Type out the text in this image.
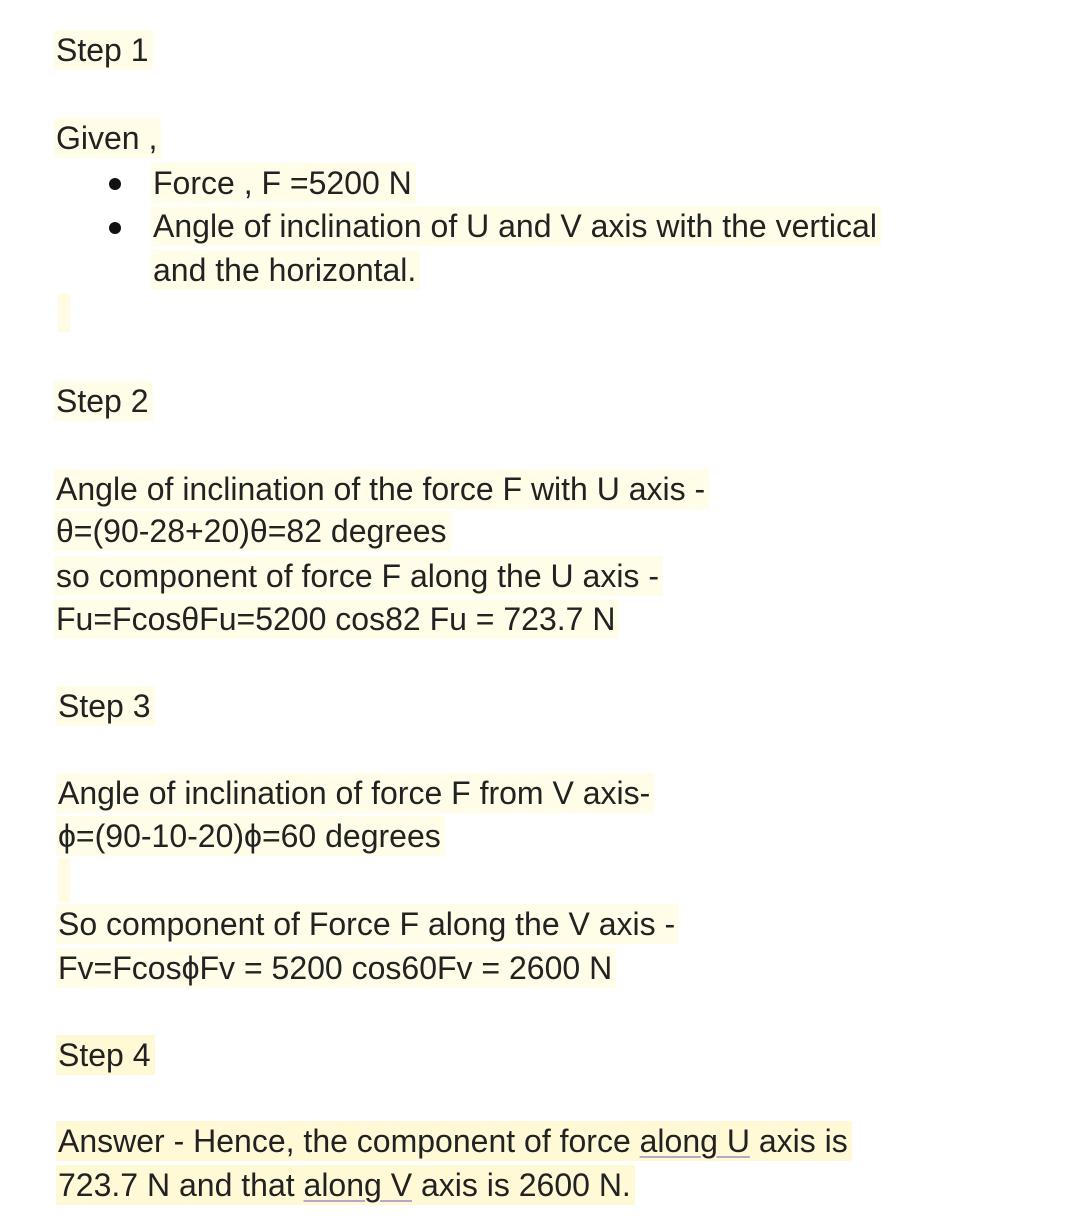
Step 1
Given ,
Force , F =5200 N
Angle of inclination of U and V axis with the vertical
and the horizontal.
Step 2
Angle of inclination of the force F with U axis -
θ=(90-28+20)θ=82 degrees
so component of force F along the U axis -
Fu=FcosθFu=5200 cos82 Fu = 723.7 N
Step 3
Angle of inclination of force F from V axis-
ϕ=(90-10-20)ϕ=60 degrees
So component of Force F along the V axis -
Fv=FcosϕFv = 5200 cos60Fv = 2600 N
Step 4
Answer - Hence, the component of force along U axis is
723.7 N and that along V axis is 2600 N.
